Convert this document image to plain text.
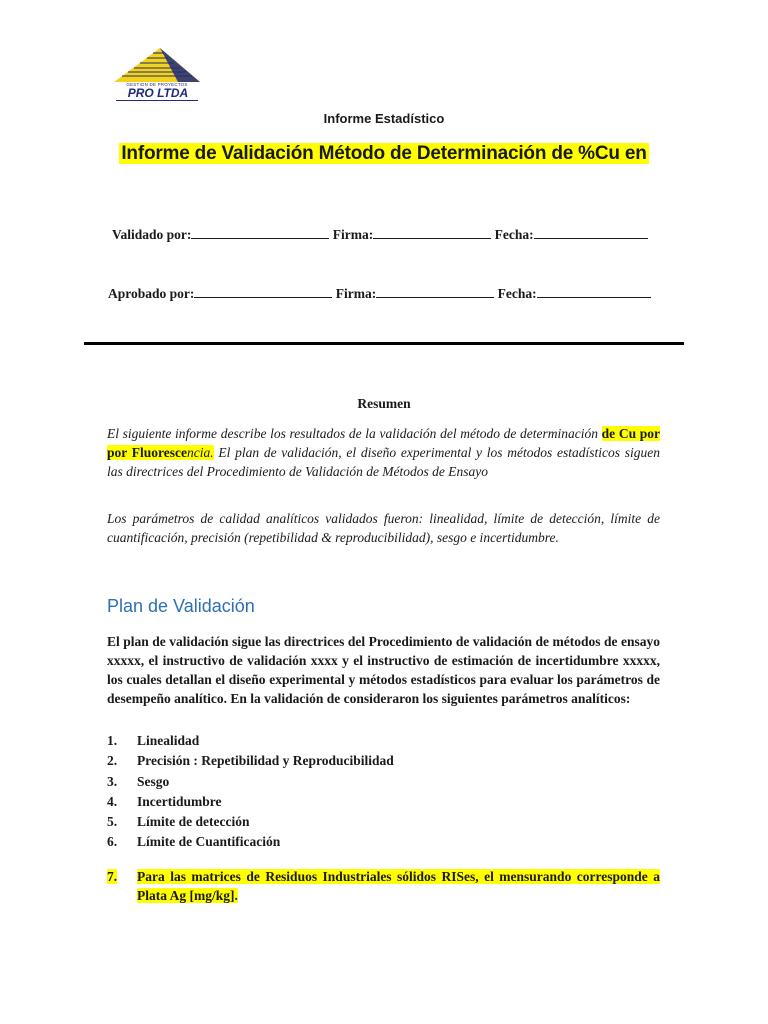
GESTION DE PROYECTOS
PRO LTDA
Informe Estadístico
Informe de Validación Método de Determinación de %Cu en
Validado por:	Firma:	Fecha:
Aprobado por:	Firma:	Fecha:
Resumen
El siguiente informe describe los resultados de la validación del método de determinación de Cu por por Fluorescencia. El plan de validación, el diseño experimental y los métodos estadísticos siguen las directrices del Procedimiento de Validación de Métodos de Ensayo
Los parámetros de calidad analíticos validados fueron: linealidad, límite de detección, límite de cuantificación, precisión (repetibilidad & reproducibilidad), sesgo e incertidumbre.
Plan de Validación
El plan de validación sigue las directrices del Procedimiento de validación de métodos de ensayo xxxxx, el instructivo de validación xxxx y el instructivo de estimación de incertidumbre xxxxx, los cuales detallan el diseño experimental y métodos estadísticos para evaluar los parámetros de desempeño analítico. En la validación de consideraron los siguientes parámetros analíticos:
1.	Linealidad
2.	Precisión : Repetibilidad y Reproducibilidad
3.	Sesgo
4.	Incertidumbre
5.	Límite de detección
6.	Límite de Cuantificación
7.	Para las matrices de Residuos Industriales sólidos RISes, el mensurando corresponde a Plata Ag [mg/kg].
